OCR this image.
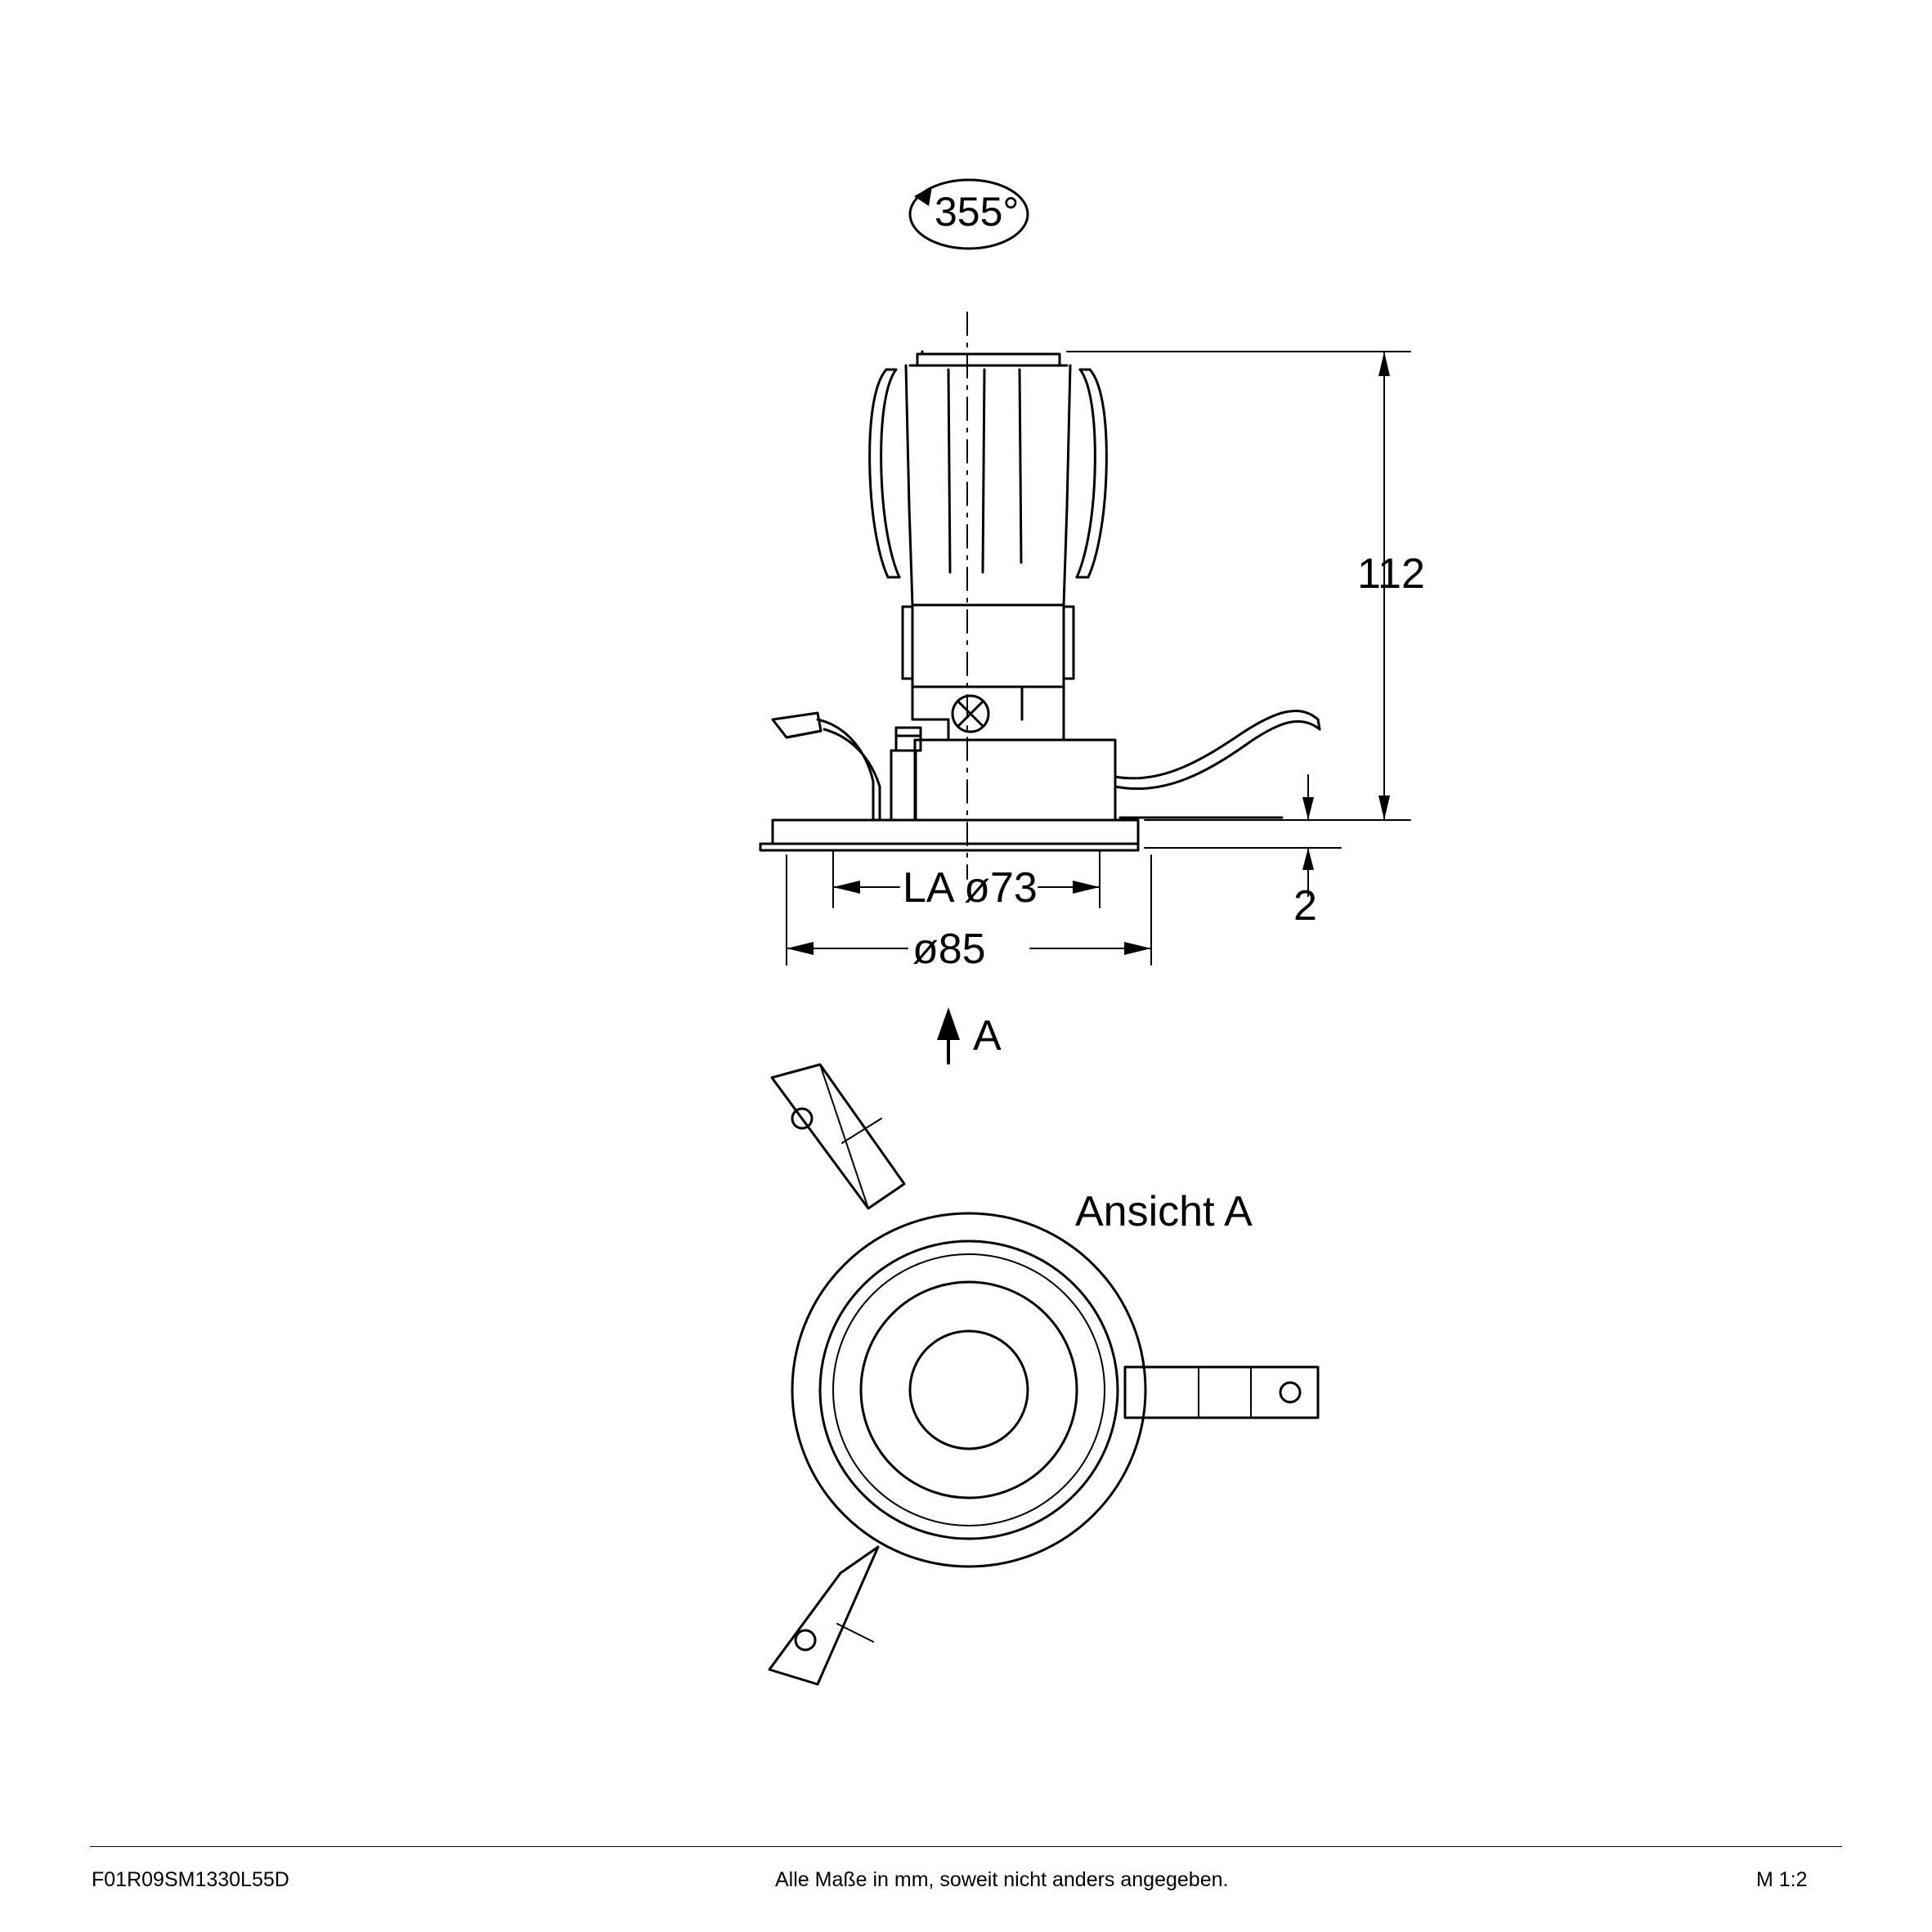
355°
112
2
LA ø73
ø85
A
Ansicht A
F01R09SM1330L55D	Alle Maße in mm, soweit nicht anders angegeben.	M 1:2
